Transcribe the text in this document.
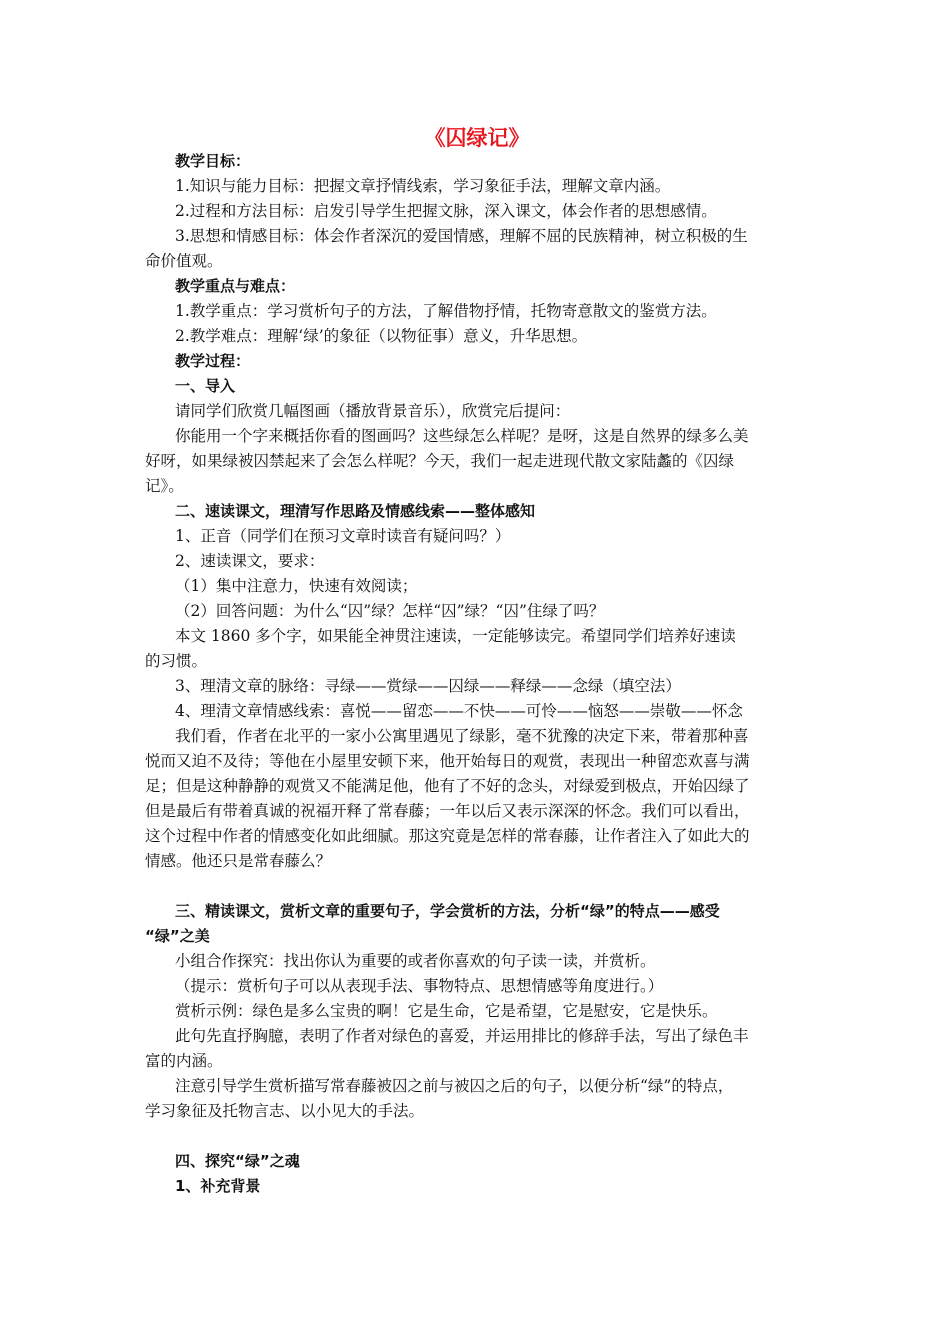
《囚绿记》
教学目标：
1.知识与能力目标：把握文章抒情线索，学习象征手法，理解文章内涵。
2.过程和方法目标：启发引导学生把握文脉，深入课文，体会作者的思想感情。
3.思想和情感目标：体会作者深沉的爱国情感，理解不屈的民族精神，树立积极的生
命价值观。
教学重点与难点：
1.教学重点：学习赏析句子的方法，了解借物抒情，托物寄意散文的鉴赏方法。
2.教学难点：理解‘绿’的象征（以物征事）意义，升华思想。
教学过程：
一、导入
请同学们欣赏几幅图画（播放背景音乐），欣赏完后提问：
你能用一个字来概括你看的图画吗？这些绿怎么样呢？是呀，这是自然界的绿多么美
好呀，如果绿被囚禁起来了会怎么样呢？今天，我们一起走进现代散文家陆蠡的《囚绿
记》。
二、速读课文，理清写作思路及情感线索——整体感知
1、正音（同学们在预习文章时读音有疑问吗？）
2、速读课文，要求：
（1）集中注意力，快速有效阅读；
（2）回答问题：为什么“囚”绿？怎样“囚”绿？“囚”住绿了吗？
本文 1860 多个字，如果能全神贯注速读，一定能够读完。希望同学们培养好速读
的习惯。
3、理清文章的脉络：寻绿——赏绿——囚绿——释绿——念绿（填空法）
4、理清文章情感线索：喜悦——留恋——不快——可怜——恼怒——崇敬——怀念
我们看，作者在北平的一家小公寓里遇见了绿影，毫不犹豫的决定下来，带着那种喜
悦而又迫不及待；等他在小屋里安顿下来，他开始每日的观赏，表现出一种留恋欢喜与满
足；但是这种静静的观赏又不能满足他，他有了不好的念头，对绿爱到极点，开始囚绿了
但是最后有带着真诚的祝福开释了常春藤；一年以后又表示深深的怀念。我们可以看出，
这个过程中作者的情感变化如此细腻。那这究竟是怎样的常春藤，让作者注入了如此大的
情感。他还只是常春藤么？
三、精读课文，赏析文章的重要句子，学会赏析的方法，分析“绿”的特点——感受
“绿”之美
小组合作探究：找出你认为重要的或者你喜欢的句子读一读，并赏析。
（提示：赏析句子可以从表现手法、事物特点、思想情感等角度进行。）
赏析示例：绿色是多么宝贵的啊！它是生命，它是希望，它是慰安，它是快乐。
此句先直抒胸臆，表明了作者对绿色的喜爱，并运用排比的修辞手法，写出了绿色丰
富的内涵。
注意引导学生赏析描写常春藤被囚之前与被囚之后的句子，以便分析“绿”的特点，
学习象征及托物言志、以小见大的手法。
四、探究“绿”之魂
1、补充背景
